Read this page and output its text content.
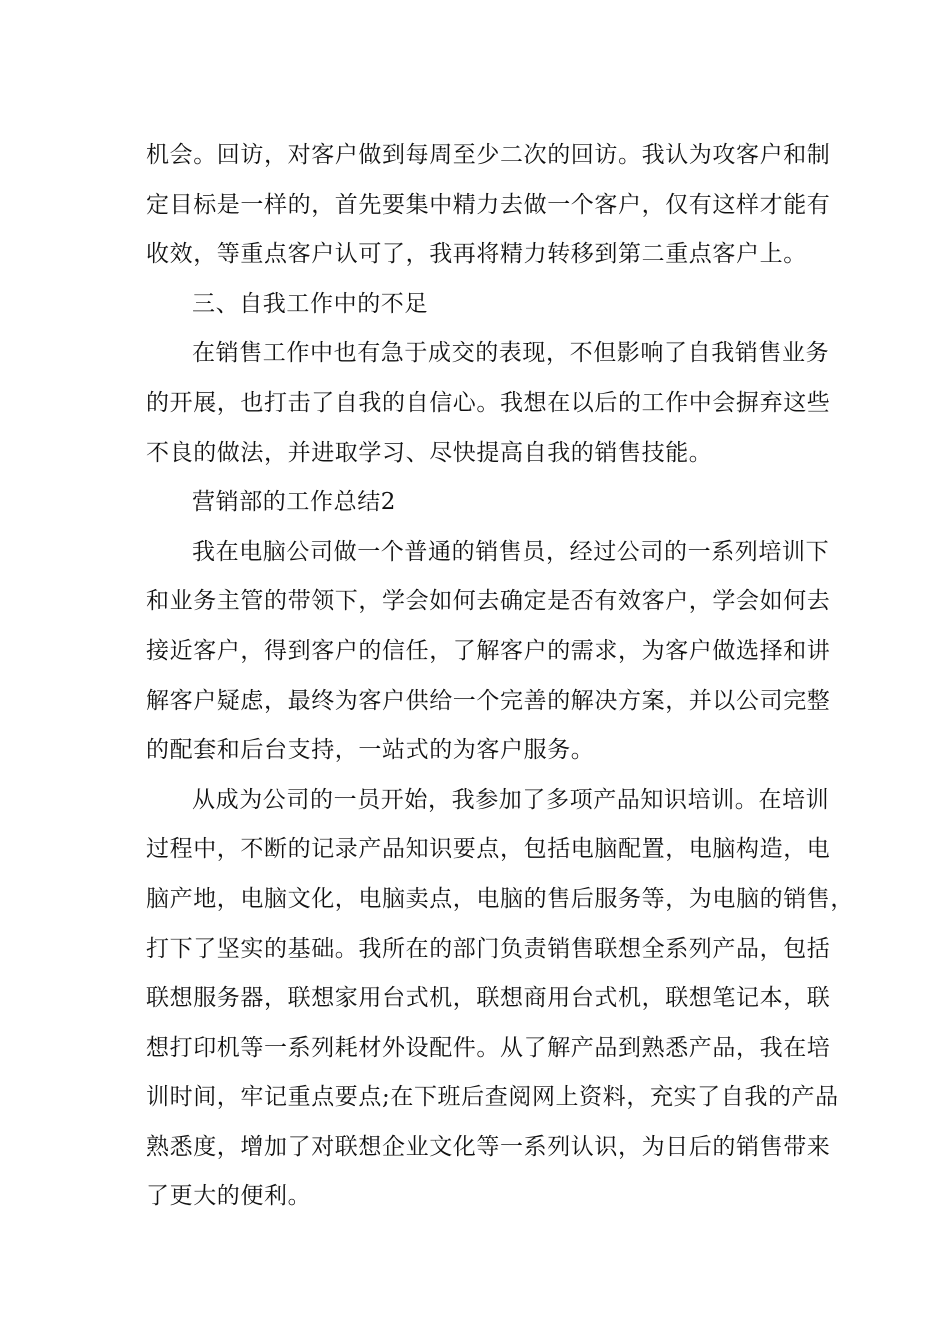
机会。回访，对客户做到每周至少二次的回访。我认为攻客户和制
定目标是一样的，首先要集中精力去做一个客户，仅有这样才能有
收效，等重点客户认可了，我再将精力转移到第二重点客户上。
三、自我工作中的不足
在销售工作中也有急于成交的表现，不但影响了自我销售业务
的开展，也打击了自我的自信心。我想在以后的工作中会摒弃这些
不良的做法，并进取学习、尽快提高自我的销售技能。
营销部的工作总结2
我在电脑公司做一个普通的销售员，经过公司的一系列培训下
和业务主管的带领下，学会如何去确定是否有效客户，学会如何去
接近客户，得到客户的信任，了解客户的需求，为客户做选择和讲
解客户疑虑，最终为客户供给一个完善的解决方案，并以公司完整
的配套和后台支持，一站式的为客户服务。
从成为公司的一员开始，我参加了多项产品知识培训。在培训
过程中，不断的记录产品知识要点，包括电脑配置，电脑构造，电
脑产地，电脑文化，电脑卖点，电脑的售后服务等，为电脑的销售，
打下了坚实的基础。我所在的部门负责销售联想全系列产品，包括
联想服务器，联想家用台式机，联想商用台式机，联想笔记本，联
想打印机等一系列耗材外设配件。从了解产品到熟悉产品，我在培
训时间，牢记重点要点;在下班后查阅网上资料，充实了自我的产品
熟悉度，增加了对联想企业文化等一系列认识，为日后的销售带来
了更大的便利。
